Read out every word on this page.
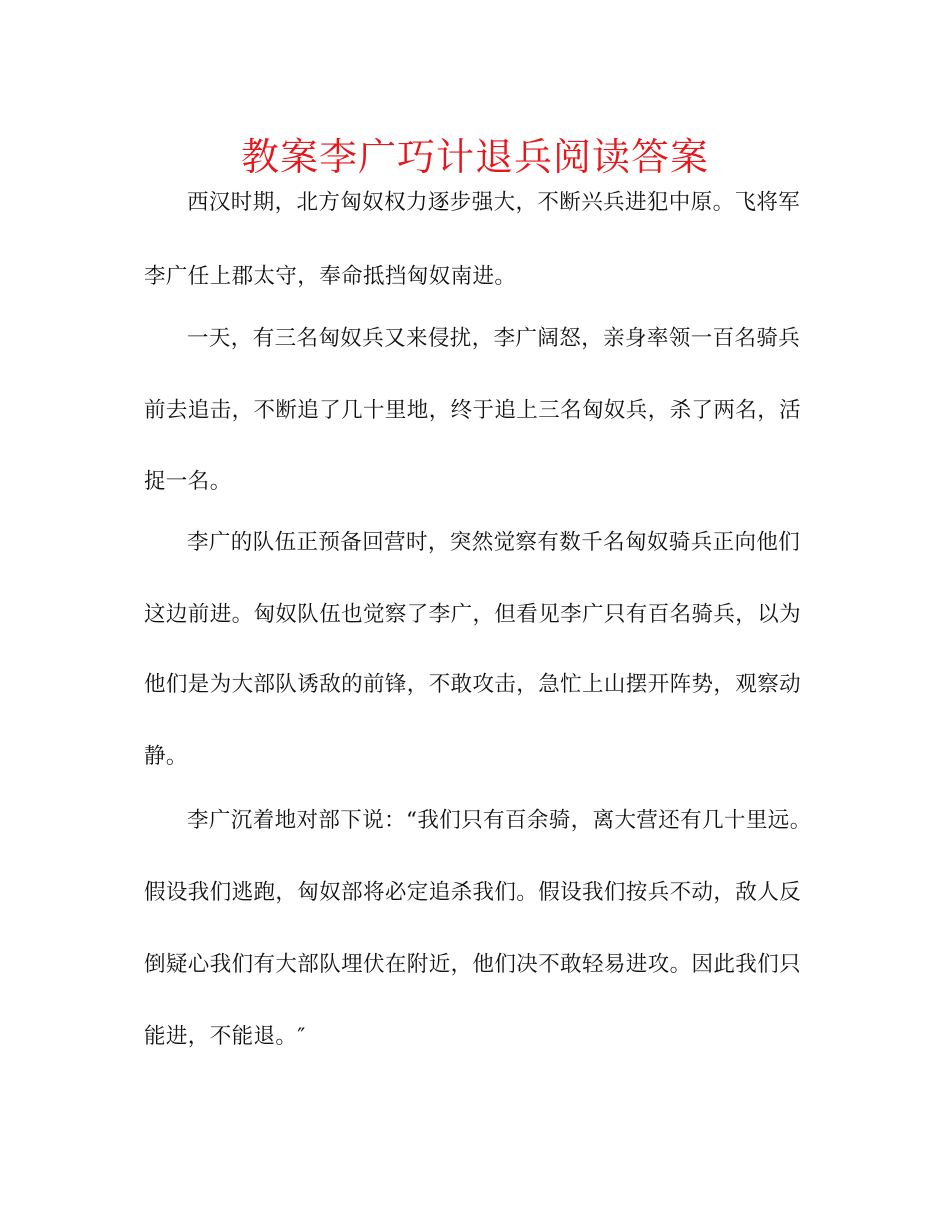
教案李广巧计退兵阅读答案
西汉时期，北方匈奴权力逐步强大，不断兴兵进犯中原。飞将军
李广任上郡太守，奉命抵挡匈奴南进。
一天，有三名匈奴兵又来侵扰，李广阔怒，亲身率领一百名骑兵
前去追击，不断追了几十里地，终于追上三名匈奴兵，杀了两名，活
捉一名。
李广的队伍正预备回营时，突然觉察有数千名匈奴骑兵正向他们
这边前进。匈奴队伍也觉察了李广，但看见李广只有百名骑兵，以为
他们是为大部队诱敌的前锋，不敢攻击，急忙上山摆开阵势，观察动
静。
李广沉着地对部下说：“我们只有百余骑，离大营还有几十里远。
假设我们逃跑，匈奴部将必定追杀我们。假设我们按兵不动，敌人反
倒疑心我们有大部队埋伏在附近，他们决不敢轻易进攻。因此我们只
能进，不能退。″
